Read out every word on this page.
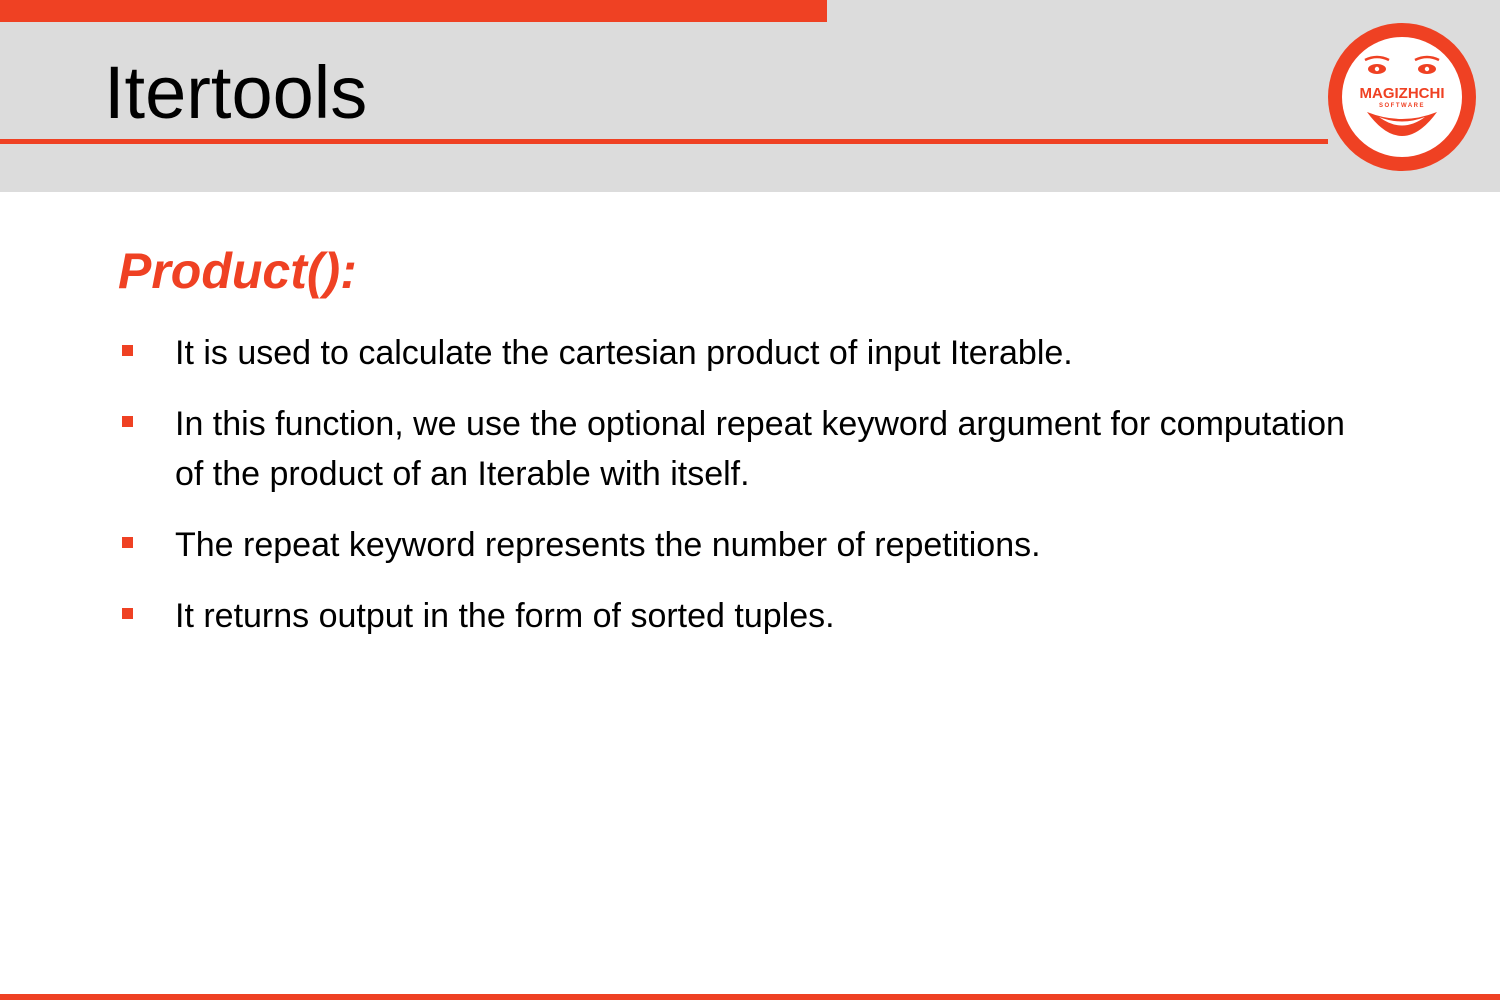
Itertools	MAGIZHCHI
SOFTWARE
Every Day Happy Day
Product():
It is used to calculate the cartesian product of input Iterable.
In this function, we use the optional repeat keyword argument for computation of the product of an Iterable with itself.
The repeat keyword represents the number of repetitions.
It returns output in the form of sorted tuples.
